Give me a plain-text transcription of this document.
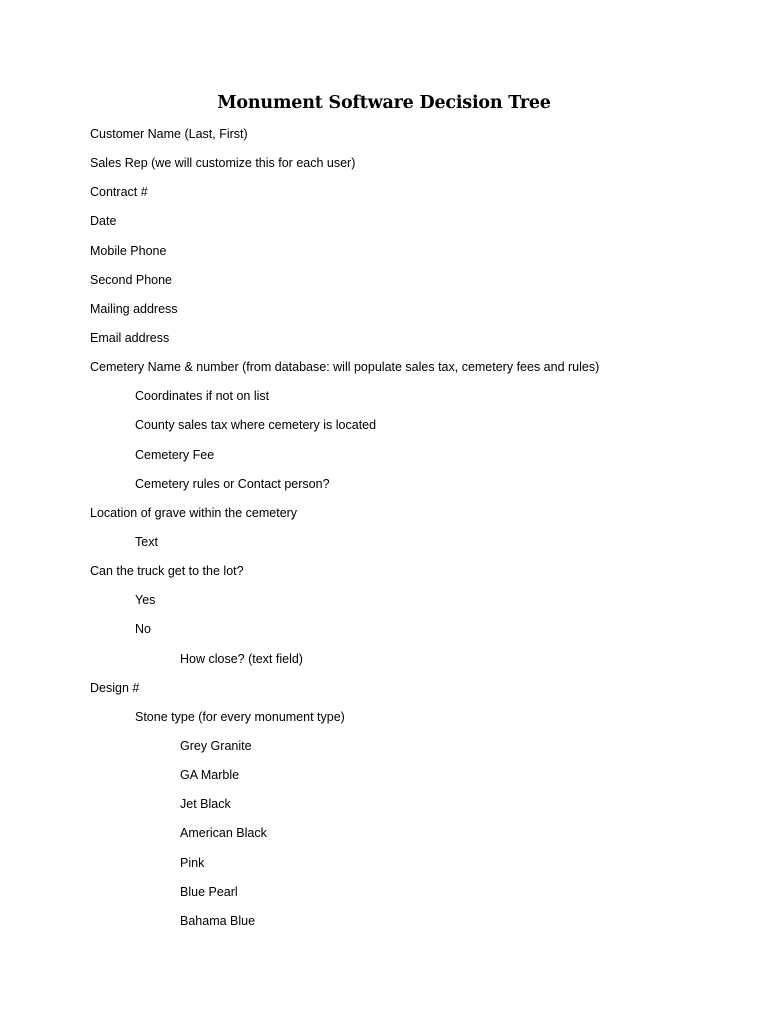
Monument Software Decision Tree
Customer Name (Last, First)
Sales Rep (we will customize this for each user)
Contract #
Date
Mobile Phone
Second Phone
Mailing address
Email address
Cemetery Name & number (from database: will populate sales tax, cemetery fees and rules)
Coordinates if not on list
County sales tax where cemetery is located
Cemetery Fee
Cemetery rules or Contact person?
Location of grave within the cemetery
Text
Can the truck get to the lot?
Yes
No
How close? (text field)
Design #
Stone type (for every monument type)
Grey Granite
GA Marble
Jet Black
American Black
Pink
Blue Pearl
Bahama Blue
